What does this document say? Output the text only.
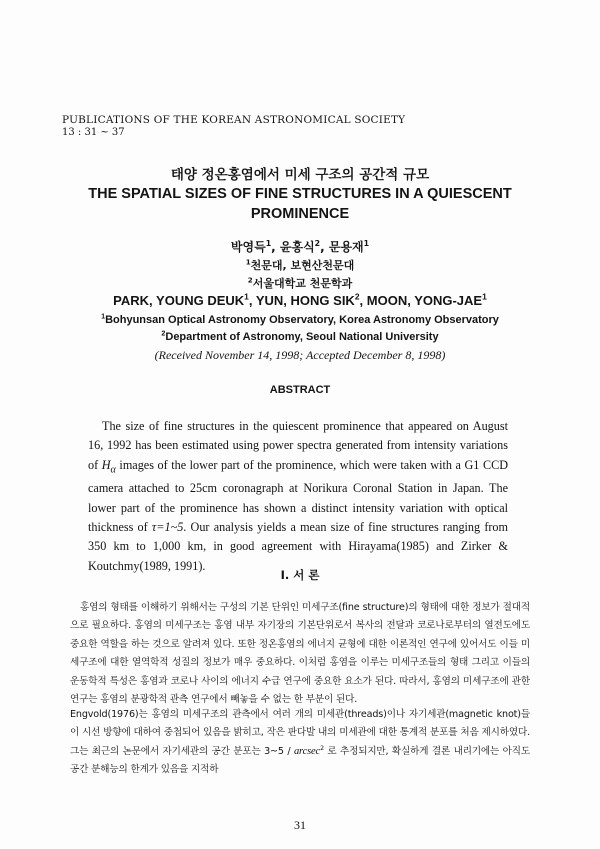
PUBLICATIONS OF THE KOREAN ASTRONOMICAL SOCIETY
13 : 31 ~ 37
태양 정온홍염에서 미세 구조의 공간적 규모
THE SPATIAL SIZES OF FINE STRUCTURES IN A QUIESCENT
PROMINENCE
박영득$^1$, 윤홍식$^2$, 문용재$^1$
$^1$천문대, 보현산천문대
$^2$서울대학교 천문학과
PARK, YOUNG DEUK$^1$, YUN, HONG SIK$^2$, MOON, YONG-JAE$^1$
$^1$Bohyunsan Optical Astronomy Observatory, Korea Astronomy Observatory
$^2$Department of Astronomy, Seoul National University
(Received November 14, 1998; Accepted December 8, 1998)
ABSTRACT

The size of fine structures in the quiescent prominence that appeared on August 16, 1992 has been estimated using power spectra generated from intensity variations of $H_\alpha$ images of the lower part of the prominence, which were taken with a G1 CCD camera attached to 25cm coronagraph at Norikura Coronal Station in Japan. The lower part of the prominence has shown a distinct intensity variation with optical thickness of τ=1~5. Our analysis yields a mean size of fine structures ranging from 350 km to 1,000 km, in good agreement with Hirayama(1985) and Zirker & Koutchmy(1989, 1991).

Ⅰ. 서 론

홍염의 형태를 이해하기 위해서는 구성의 기본 단위인 미세구조(fine structure)의 형태에 대한 정보가 절대적으로 필요하다. 홍염의 미세구조는 홍염 내부 자기장의 기본단위로서 복사의 전달과 코로나로부터의 열전도에도 중요한 역할을 하는 것으로 알려져 있다. 또한 정온홍염의 에너지 균형에 대한 이론적인 연구에 있어서도 이들 미세구조에 대한 열역학적 성질의 정보가 매우 중요하다. 이처럼 홍염을 이루는 미세구조들의 형태 그리고 이들의 운동학적 특성은 홍염과 코로나 사이의 에너지 수급 연구에 중요한 요소가 된다. 따라서, 홍염의 미세구조에 관한 연구는 홍염의 분광학적 관측 연구에서 빼놓을 수 없는 한 부분이 된다.

Engvold(1976)는 홍염의 미세구조의 관측에서 여러 개의 미세관(threads)이나 자기세관(magnetic knot)들이 시선 방향에 대하여 중첩되어 있음을 밝히고, 작은 판다발 내의 미세관에 대한 통계적 분포를 처음 제시하였다. 그는 최근의 논문에서 자기세관의 공간 분포는 3~5 / arcsec$^2$ 로 추정되지만, 확실하게 결론 내리기에는 아직도 공간 분해능의 한계가 있음을 지적하

31
